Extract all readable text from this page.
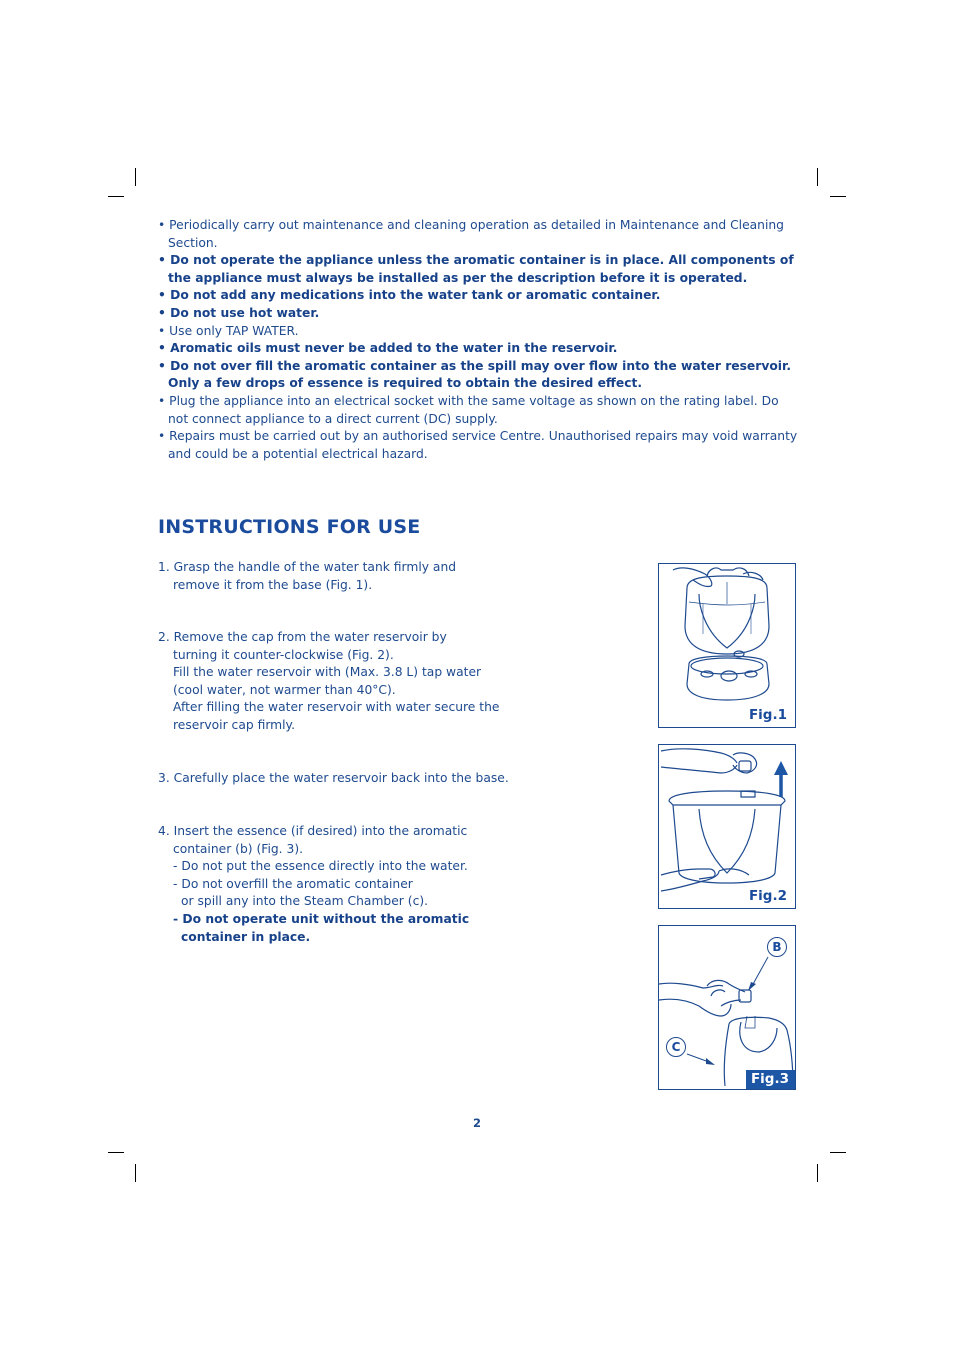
• Periodically carry out maintenance and cleaning operation as detailed in Maintenance and Cleaning Section.
• Do not operate the appliance unless the aromatic container is in place. All components of the appliance must always be installed as per the description before it is operated.
• Do not add any medications into the water tank or aromatic container.
• Do not use hot water.
• Use only TAP WATER.
• Aromatic oils must never be added to the water in the reservoir.
• Do not over fill the aromatic container as the spill may over flow into the water reservoir. Only a few drops of essence is required to obtain the desired effect.
• Plug the appliance into an electrical socket with the same voltage as shown on the rating label. Do not connect appliance to a direct current (DC) supply.
• Repairs must be carried out by an authorised service Centre. Unauthorised repairs may void warranty and could be a potential electrical hazard.
INSTRUCTIONS FOR USE
1. Grasp the handle of the water tank firmly and
remove it from the base (Fig. 1).
2. Remove the cap from the water reservoir by
turning it counter-clockwise (Fig. 2).
Fill the water reservoir with (Max. 3.8 L) tap water
(cool water, not warmer than 40°C).
After filling the water reservoir with water secure the
reservoir cap firmly.
3. Carefully place the water reservoir back into the base.
4. Insert the essence (if desired) into the aromatic
container (b) (Fig. 3).
- Do not put the essence directly into the water.
- Do not overfill the aromatic container
or spill any into the Steam Chamber (c).
- Do not operate unit without the aromatic
container in place.
Fig.1
Fig.2
B
C
Fig.3
2
